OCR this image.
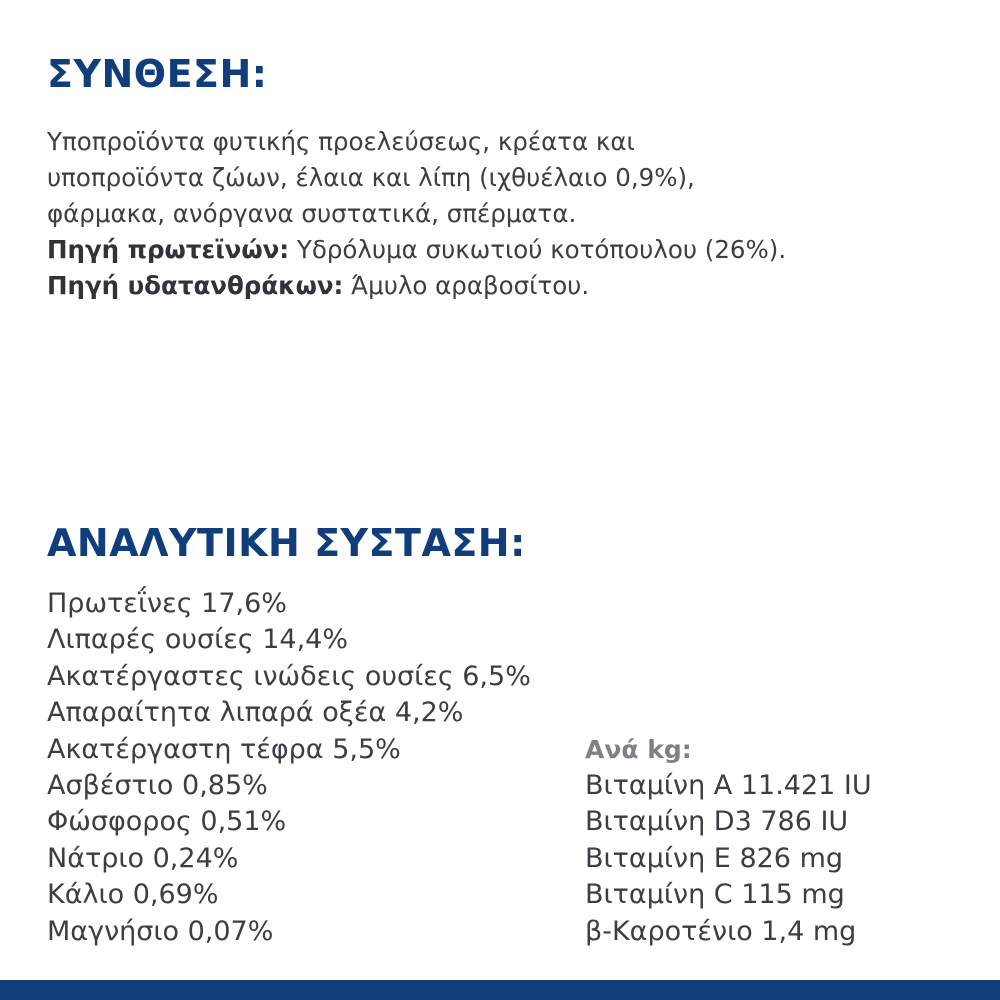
ΣΥΝΘΕΣΗ:

Υποπροϊόντα φυτικής προελεύσεως, κρέατα και

υποπροϊόντα ζώων, έλαια και λίπη (ιχθυέλαιο 0,9%),

φάρμακα, ανόργανα συστατικά, σπέρματα.

Πηγή πρωτεϊνών: Υδρόλυμα συκωτιού κοτόπουλου (26%).

Πηγή υδατανθράκων: Άμυλο αραβοσίτου.

ΑΝΑΛΥΤΙΚΗ ΣΥΣΤΑΣΗ:
Πρωτεΐνες 17,6%
Λιπαρές ουσίες 14,4%
Ακατέργαστες ινώδεις ουσίες 6,5%
Απαραίτητα λιπαρά οξέα 4,2%
Ακατέργαστη τέφρα 5,5%
Ασβέστιο 0,85%
Φώσφορος 0,51%
Νάτριο 0,24%
Κάλιο 0,69%
Μαγνήσιο 0,07%
Ανά kg:
Βιταμίνη A 11.421 IU
Βιταμίνη D3 786 IU
Βιταμίνη E 826 mg
Βιταμίνη C 115 mg
β-Καροτένιο 1,4 mg
